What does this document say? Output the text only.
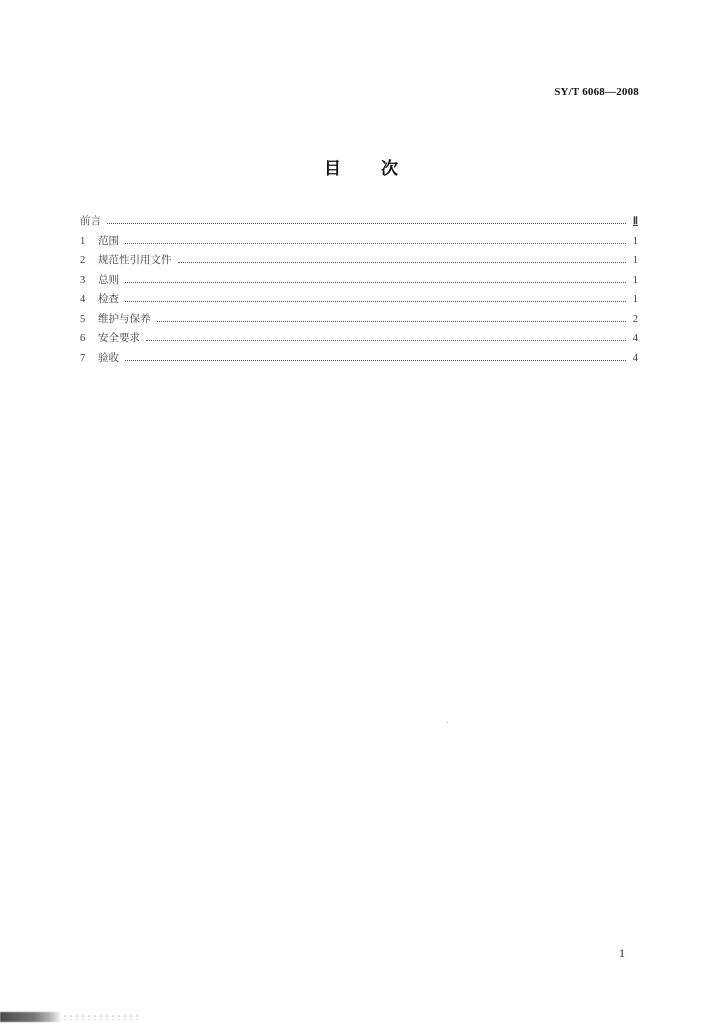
SY/T 6068—2008
目 次
前言	Ⅱ
1	范围	1
2	规范性引用文件	1
3	总则	1
4	检查	1
5	维护与保养	2
6	安全要求	4
7	验收	4
1
